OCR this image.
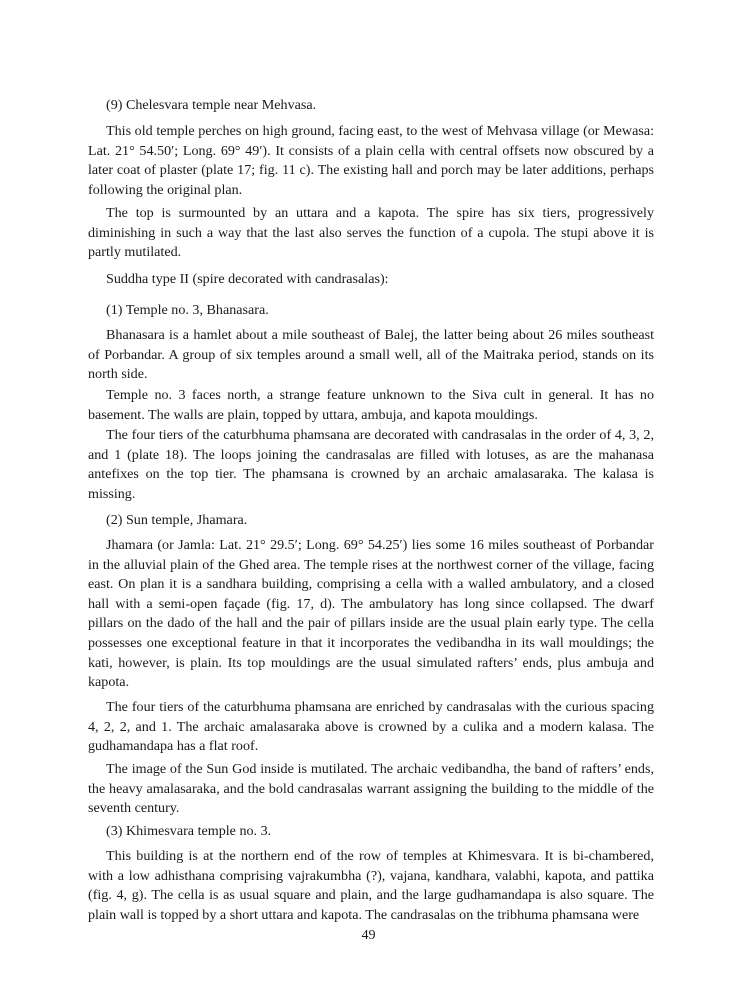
(9) Chelesvara temple near Mehvasa.

This old temple perches on high ground, facing east, to the west of Mehvasa village (or Mewasa: Lat. 21° 54.50′; Long. 69° 49′). It consists of a plain cella with central offsets now obscured by a later coat of plaster (plate 17; fig. 11 c). The existing hall and porch may be later additions, perhaps following the original plan.

The top is surmounted by an uttara and a kapota. The spire has six tiers, progressively diminishing in such a way that the last also serves the function of a cupola. The stupi above it is partly mutilated.

Suddha type II (spire decorated with candrasalas):

(1) Temple no. 3, Bhanasara.

Bhanasara is a hamlet about a mile southeast of Balej, the latter being about 26 miles southeast of Porbandar. A group of six temples around a small well, all of the Maitraka period, stands on its north side.

Temple no. 3 faces north, a strange feature unknown to the Siva cult in general. It has no basement. The walls are plain, topped by uttara, ambuja, and kapota mouldings.

The four tiers of the caturbhuma phamsana are decorated with candrasalas in the order of 4, 3, 2, and 1 (plate 18). The loops joining the candrasalas are filled with lotuses, as are the mahanasa antefixes on the top tier. The phamsana is crowned by an archaic amalasaraka. The kalasa is missing.

(2) Sun temple, Jhamara.

Jhamara (or Jamla: Lat. 21° 29.5′; Long. 69° 54.25′) lies some 16 miles southeast of Porbandar in the alluvial plain of the Ghed area. The temple rises at the northwest corner of the village, facing east. On plan it is a sandhara building, comprising a cella with a walled ambulatory, and a closed hall with a semi-open façade (fig. 17, d). The ambulatory has long since collapsed. The dwarf pillars on the dado of the hall and the pair of pillars inside are the usual plain early type. The cella possesses one exceptional feature in that it incorporates the vedibandha in its wall mouldings; the kati, however, is plain. Its top mouldings are the usual simulated rafters’ ends, plus ambuja and kapota.

The four tiers of the caturbhuma phamsana are enriched by candrasalas with the curious spacing 4, 2, 2, and 1. The archaic amalasaraka above is crowned by a culika and a modern kalasa. The gudhamandapa has a flat roof.

The image of the Sun God inside is mutilated. The archaic vedibandha, the band of rafters’ ends, the heavy amalasaraka, and the bold candrasalas warrant assigning the building to the middle of the seventh century.

(3) Khimesvara temple no. 3.

This building is at the northern end of the row of temples at Khimesvara. It is bi-chambered, with a low adhisthana comprising vajrakumbha (?), vajana, kandhara, valabhi, kapota, and pattika (fig. 4, g). The cella is as usual square and plain, and the large gudhamandapa is also square. The plain wall is topped by a short uttara and kapota. The candrasalas on the tribhuma phamsana were

49
